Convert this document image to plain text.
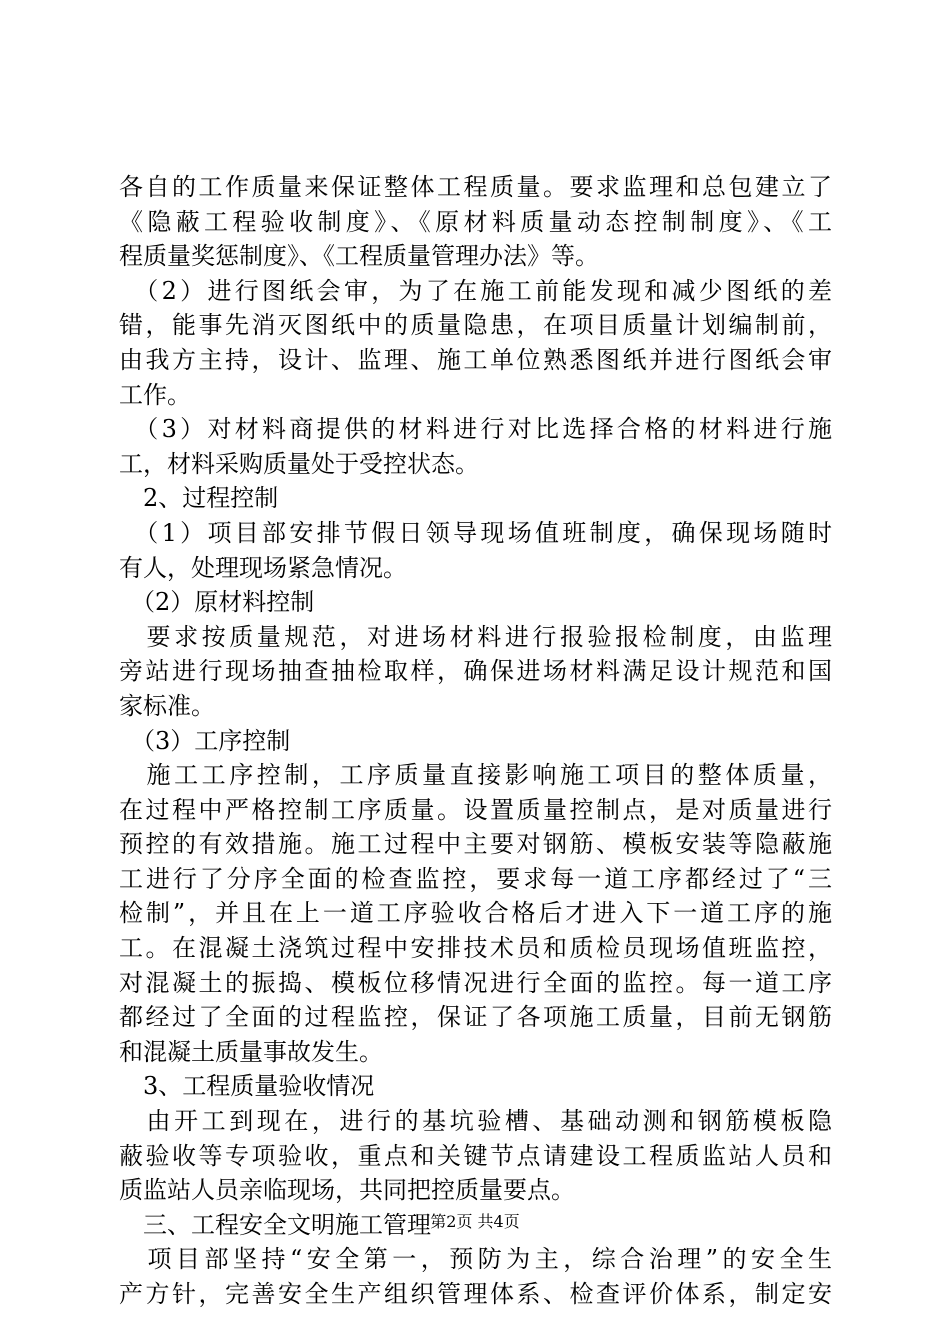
各自的工作质量来保证整体工程质量。要求监理和总包建立了
《隐蔽工程验收制度》、《原材料质量动态控制制度》、《工
程质量奖惩制度》、《工程质量管理办法》等。
　（2）进行图纸会审，为了在施工前能发现和减少图纸的差
错，能事先消灭图纸中的质量隐患，在项目质量计划编制前，
由我方主持，设计、监理、施工单位熟悉图纸并进行图纸会审
工作。
　（3）对材料商提供的材料进行对比选择合格的材料进行施
工，材料采购质量处于受控状态。
　2、过程控制
　（1）项目部安排节假日领导现场值班制度，确保现场随时
有人，处理现场紧急情况。
　（2）原材料控制
　要求按质量规范，对进场材料进行报验报检制度，由监理
旁站进行现场抽查抽检取样，确保进场材料满足设计规范和国
家标准。
　（3）工序控制
　施工工序控制，工序质量直接影响施工项目的整体质量，
在过程中严格控制工序质量。设置质量控制点，是对质量进行
预控的有效措施。施工过程中主要对钢筋、模板安装等隐蔽施
工进行了分序全面的检查监控，要求每一道工序都经过了“三
检制”，并且在上一道工序验收合格后才进入下一道工序的施
工。在混凝土浇筑过程中安排技术员和质检员现场值班监控，
对混凝土的振捣、模板位移情况进行全面的监控。每一道工序
都经过了全面的过程监控，保证了各项施工质量，目前无钢筋
和混凝土质量事故发生。
　3、工程质量验收情况
　由开工到现在，进行的基坑验槽、基础动测和钢筋模板隐
蔽验收等专项验收，重点和关键节点请建设工程质监站人员和
质监站人员亲临现场，共同把控质量要点。
　三、工程安全文明施工管理
　项目部坚持“安全第一，预防为主，综合治理”的安全生
产方针，完善安全生产组织管理体系、检查评价体系，制定安
第2页 共4页
